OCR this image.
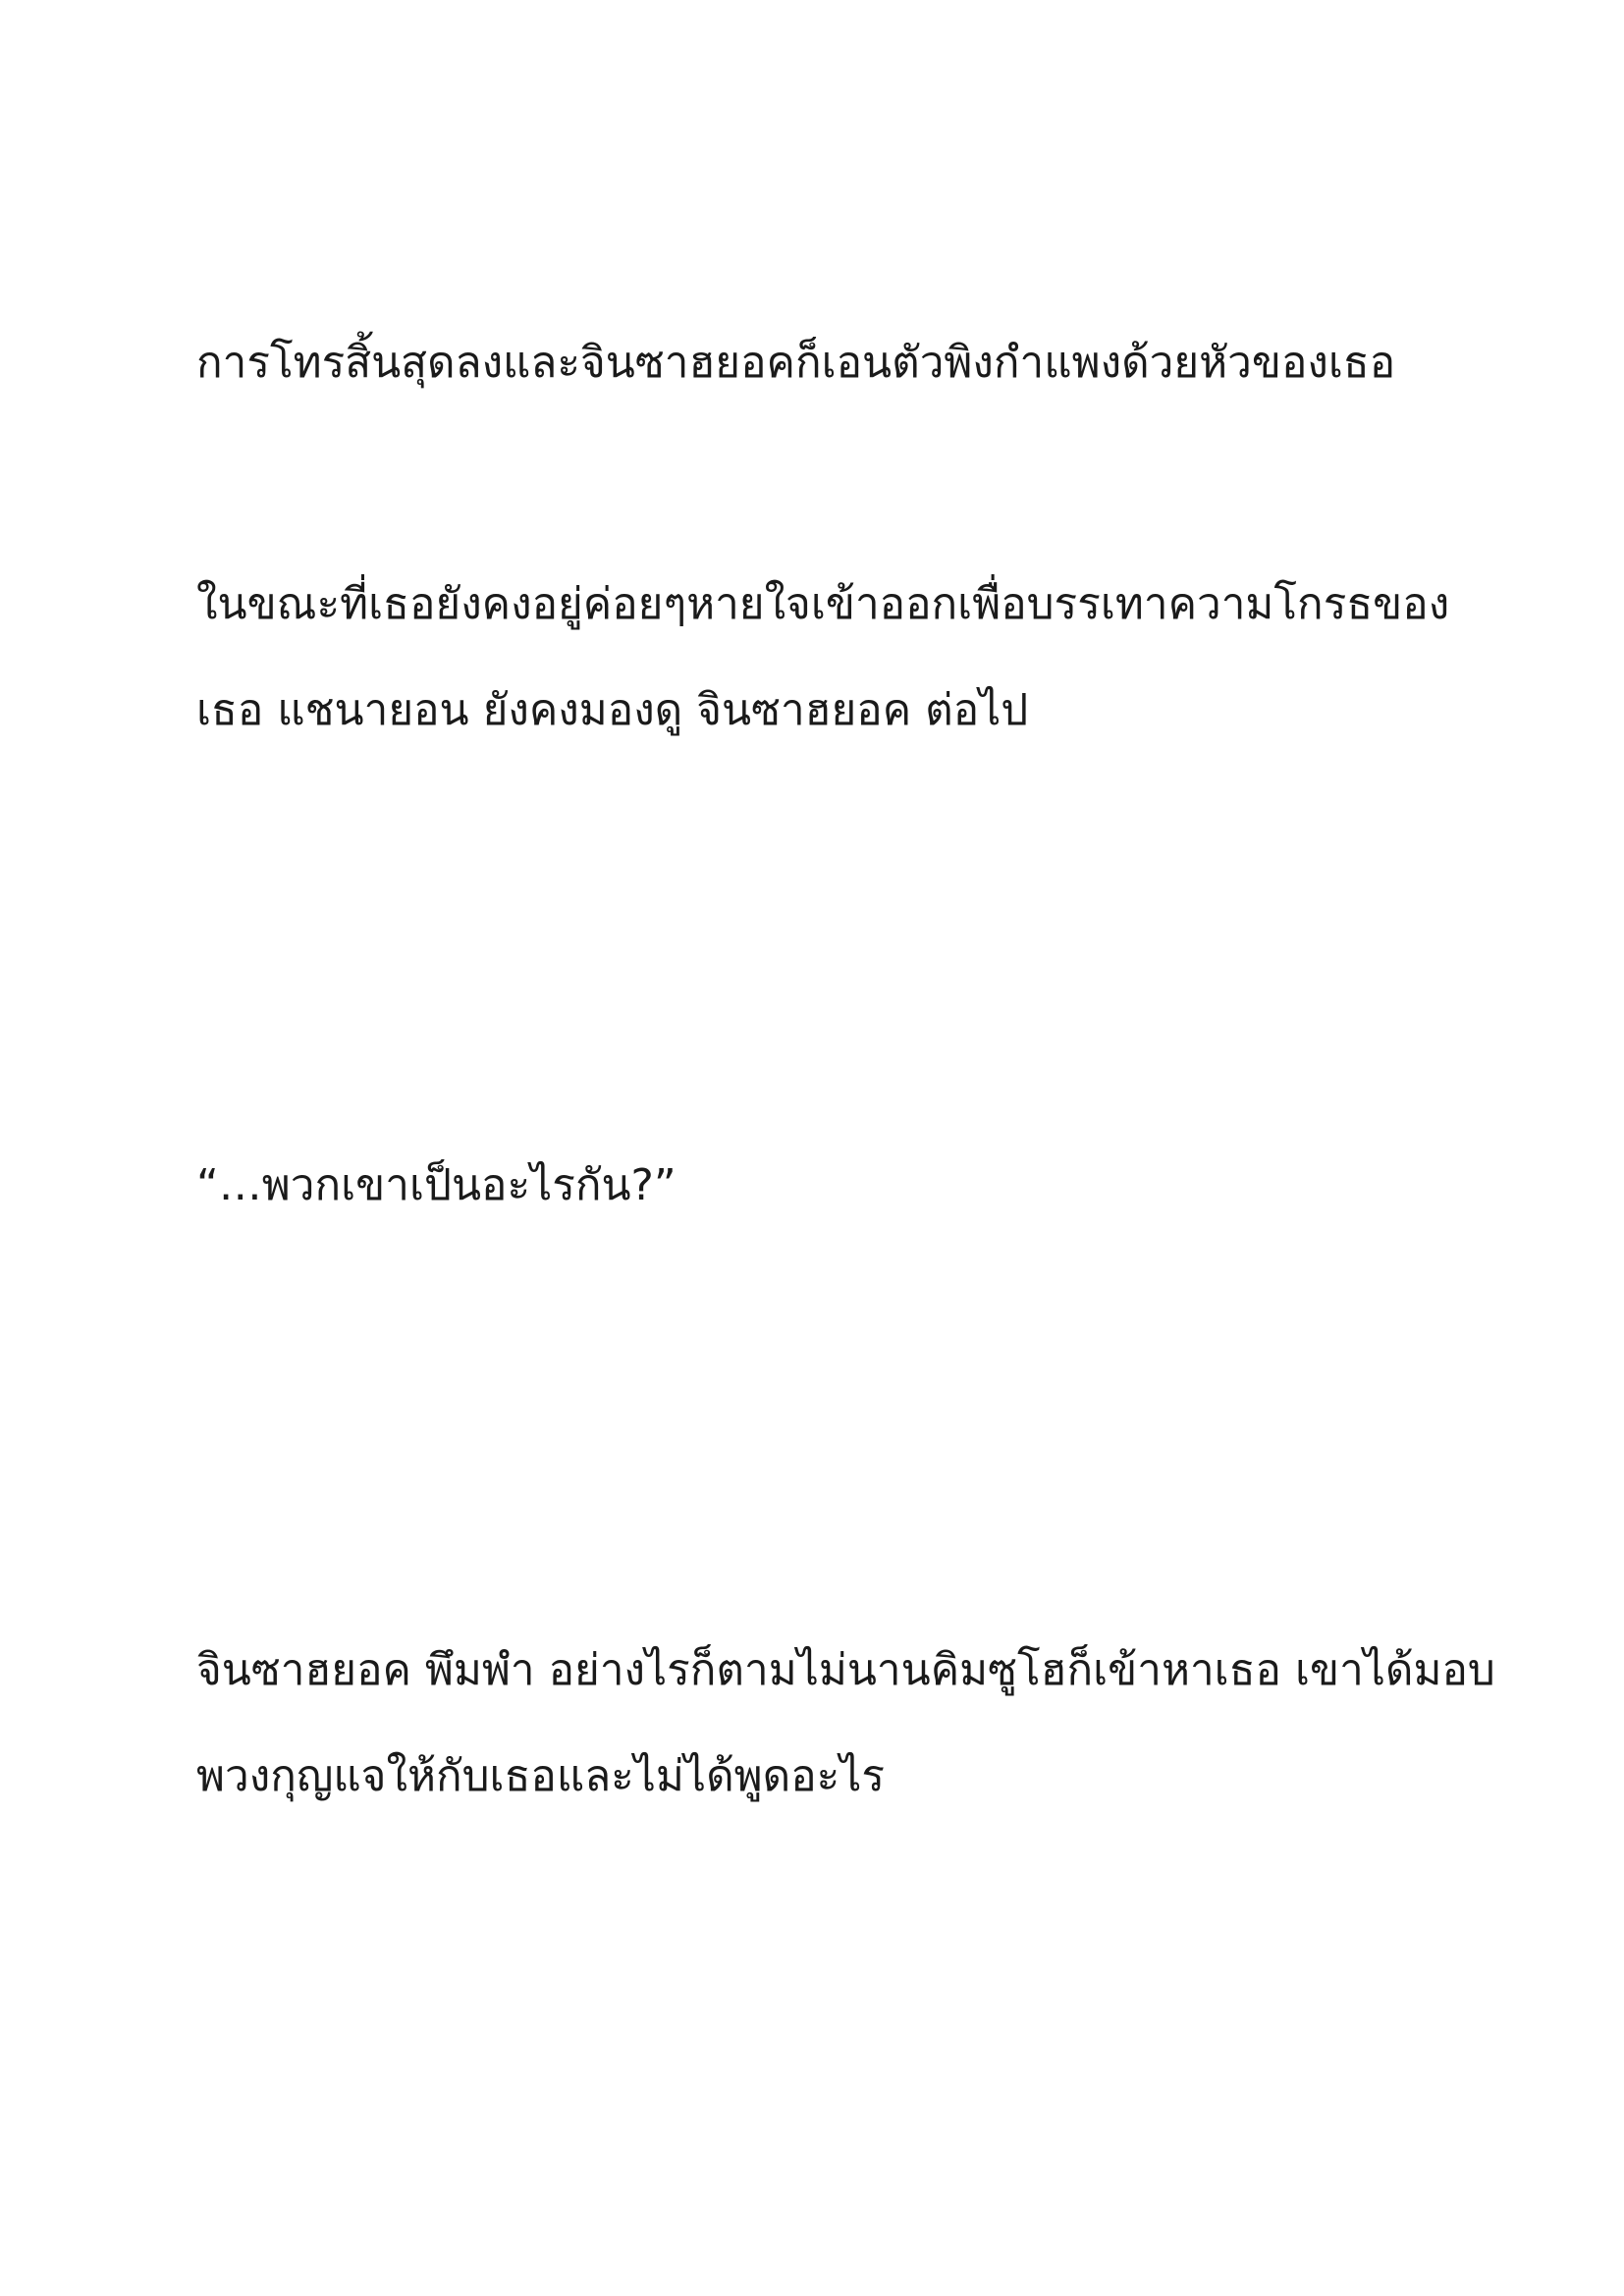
การโทรสิ้นสุดลงและจินซาฮยอคก็เอนตัวพิงกำแพงด้วยหัวของเธอ

ในขณะที่เธอยังคงอยู่ค่อยๆหายใจเข้าออกเพื่อบรรเทาความโกรธของ
เธอ แชนายอน ยังคงมองดู จินซาฮยอค ต่อไป

“…พวกเขาเป็นอะไรกัน?”

จินซาฮยอค พึมพำ อย่างไรก็ตามไม่นานคิมซูโฮก็เข้าหาเธอ เขาได้มอบ
พวงกุญแจให้กับเธอและไม่ได้พูดอะไร
